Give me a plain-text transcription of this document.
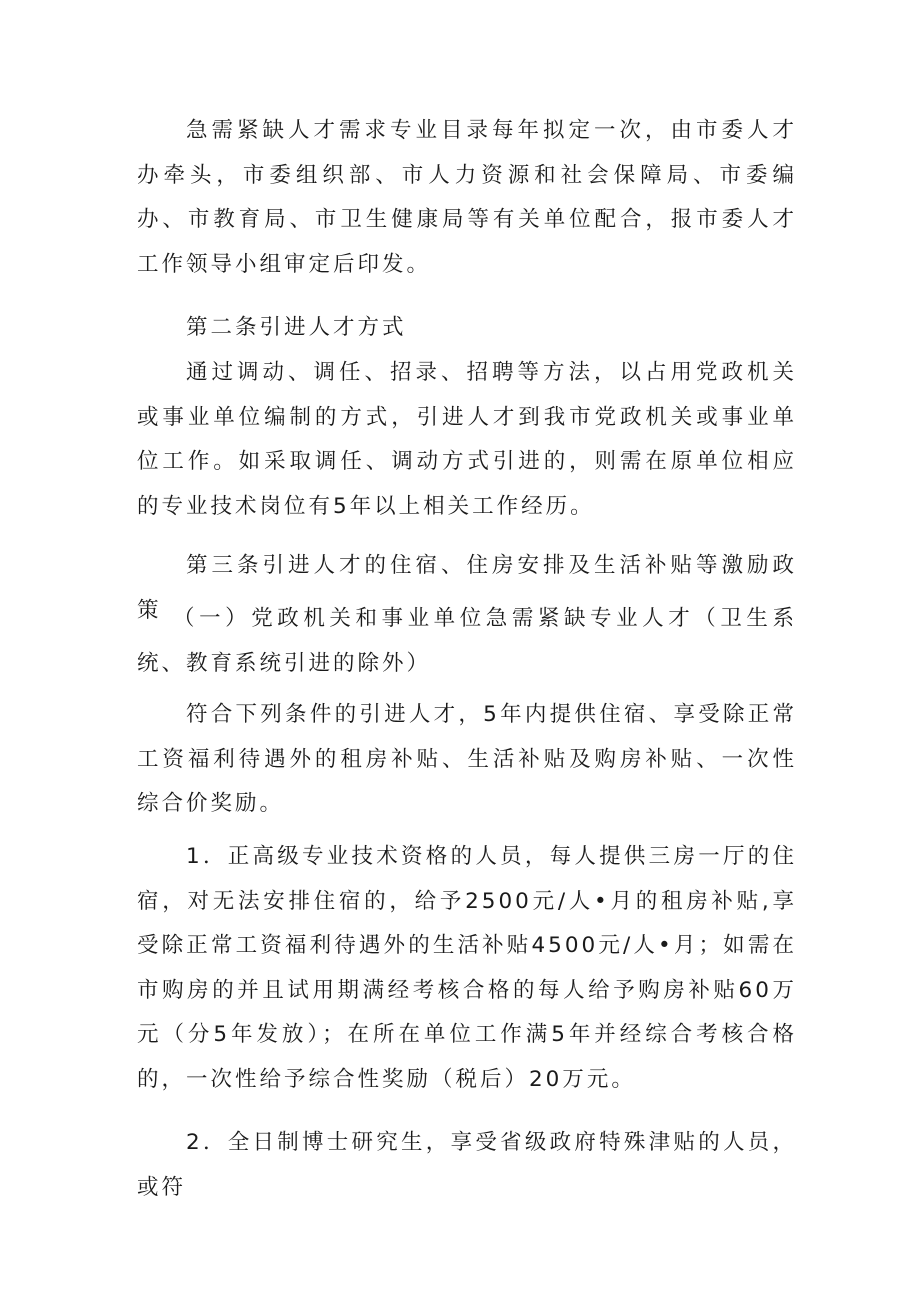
急需紧缺人才需求专业目录每年拟定一次，由市委人才办牵头，市委组织部、市人力资源和社会保障局、市委编办、市教育局、市卫生健康局等有关单位配合，报市委人才工作领导小组审定后印发。

第二条引进人才方式

通过调动、调任、招录、招聘等方法，以占用党政机关或事业单位编制的方式，引进人才到我市党政机关或事业单位工作。如采取调任、调动方式引进的，则需在原单位相应的专业技术岗位有5年以上相关工作经历。

第三条引进人才的住宿、住房安排及生活补贴等激励政策 （一）党政机关和事业单位急需紧缺专业人才（卫生系统、教育系统引进的除外）

符合下列条件的引进人才，5年内提供住宿、享受除正常工资福利待遇外的租房补贴、生活补贴及购房补贴、一次性综合价奖励。

1．正高级专业技术资格的人员，每人提供三房一厅的住宿，对无法安排住宿的，给予2500元/人•月的租房补贴,享受除正常工资福利待遇外的生活补贴4500元/人•月；如需在市购房的并且试用期满经考核合格的每人给予购房补贴60万元（分5年发放）；在所在单位工作满5年并经综合考核合格的，一次性给予综合性奖励（税后）20万元。

2．全日制博士研究生，享受省级政府特殊津贴的人员，或符
